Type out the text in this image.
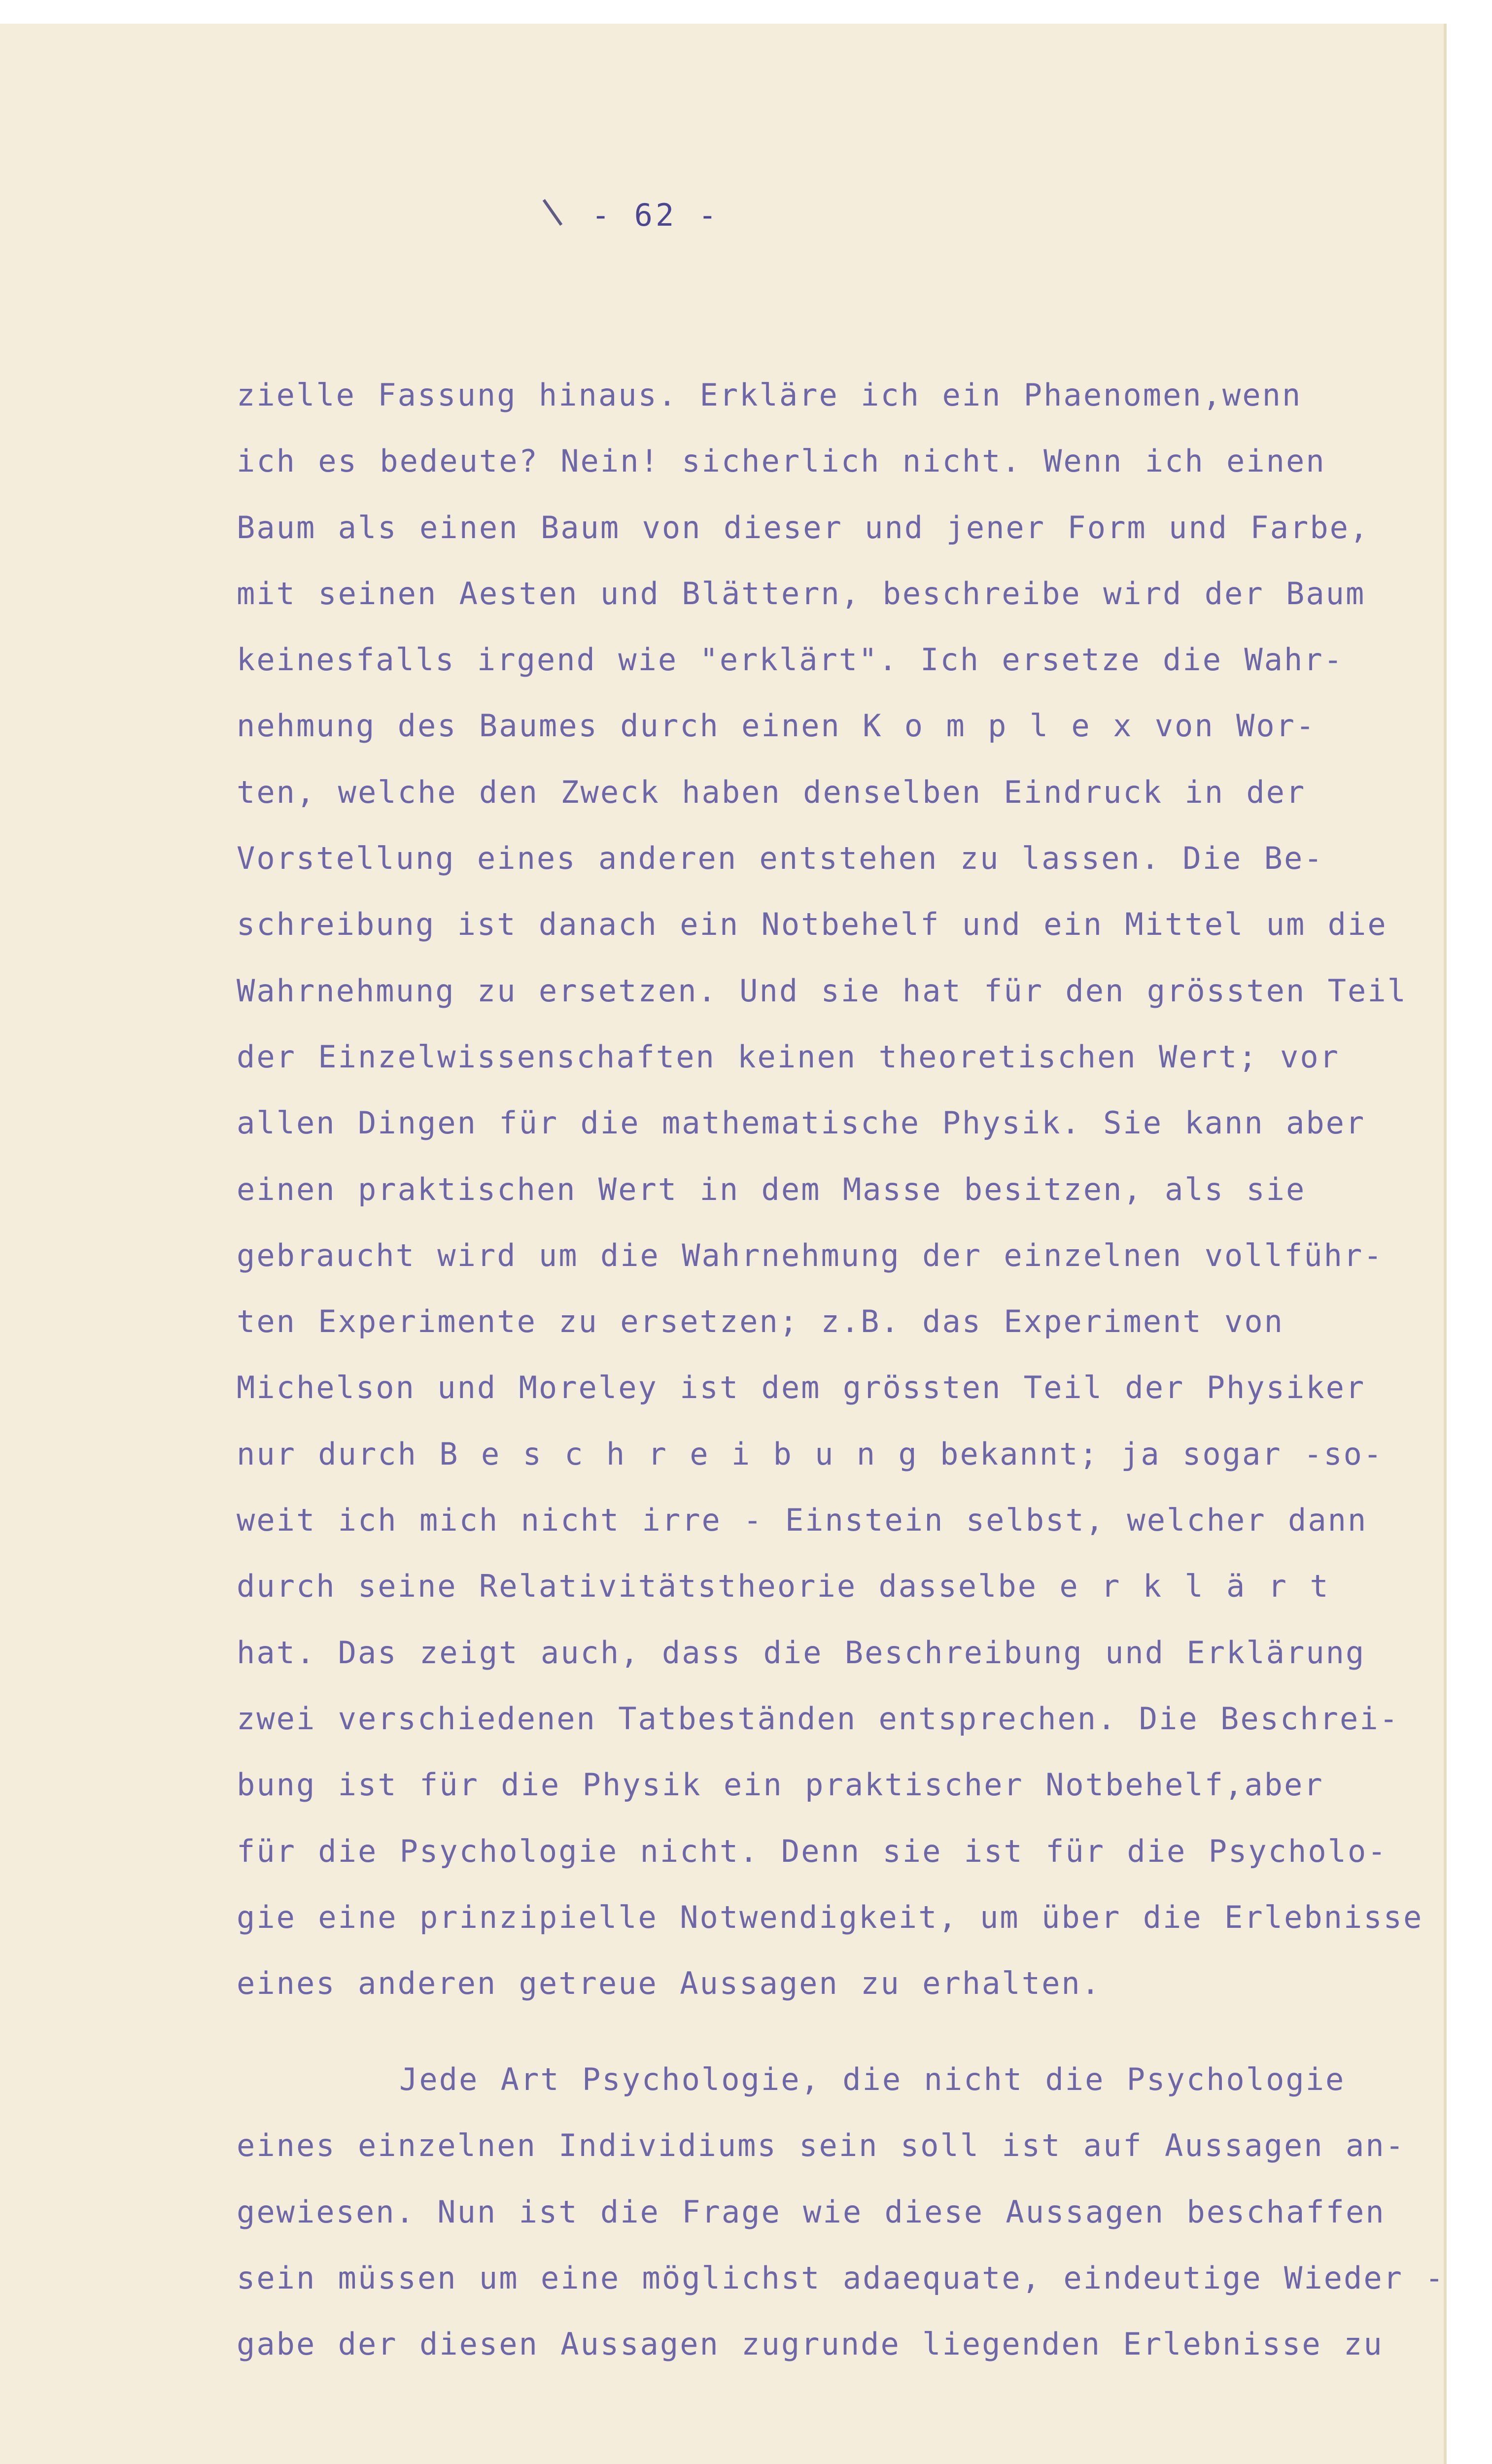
- 62 -
zielle Fassung hinaus. Erkläre ich ein Phaenomen,wenn
ich es bedeute? Nein! sicherlich nicht. Wenn ich einen
Baum als einen Baum von dieser und jener Form und Farbe,
mit seinen Aesten und Blättern, beschreibe wird der Baum
keinesfalls irgend wie "erklärt". Ich ersetze die Wahr-
nehmung des Baumes durch einen K o m p l e x von Wor-
ten, welche den Zweck haben denselben Eindruck in der
Vorstellung eines anderen entstehen zu lassen. Die Be-
schreibung ist danach ein Notbehelf und ein Mittel um die
Wahrnehmung zu ersetzen. Und sie hat für den grössten Teil
der Einzelwissenschaften keinen theoretischen Wert; vor
allen Dingen für die mathematische Physik. Sie kann aber
einen praktischen Wert in dem Masse besitzen, als sie
gebraucht wird um die Wahrnehmung der einzelnen vollführ-
ten Experimente zu ersetzen; z.B. das Experiment von
Michelson und Moreley ist dem grössten Teil der Physiker
nur durch B e s c h r e i b u n g bekannt; ja sogar -so-
weit ich mich nicht irre - Einstein selbst, welcher dann
durch seine Relativitätstheorie dasselbe e r k l ä r t
hat. Das zeigt auch, dass die Beschreibung und Erklärung
zwei verschiedenen Tatbeständen entsprechen. Die Beschrei-
bung ist für die Physik ein praktischer Notbehelf,aber
für die Psychologie nicht. Denn sie ist für die Psycholo-
gie eine prinzipielle Notwendigkeit, um über die Erlebnisse
eines anderen getreue Aussagen zu erhalten.
Jede Art Psychologie, die nicht die Psychologie
eines einzelnen Individiums sein soll ist auf Aussagen an-
gewiesen. Nun ist die Frage wie diese Aussagen beschaffen
sein müssen um eine möglichst adaequate, eindeutige Wieder -
gabe der diesen Aussagen zugrunde liegenden Erlebnisse zu
